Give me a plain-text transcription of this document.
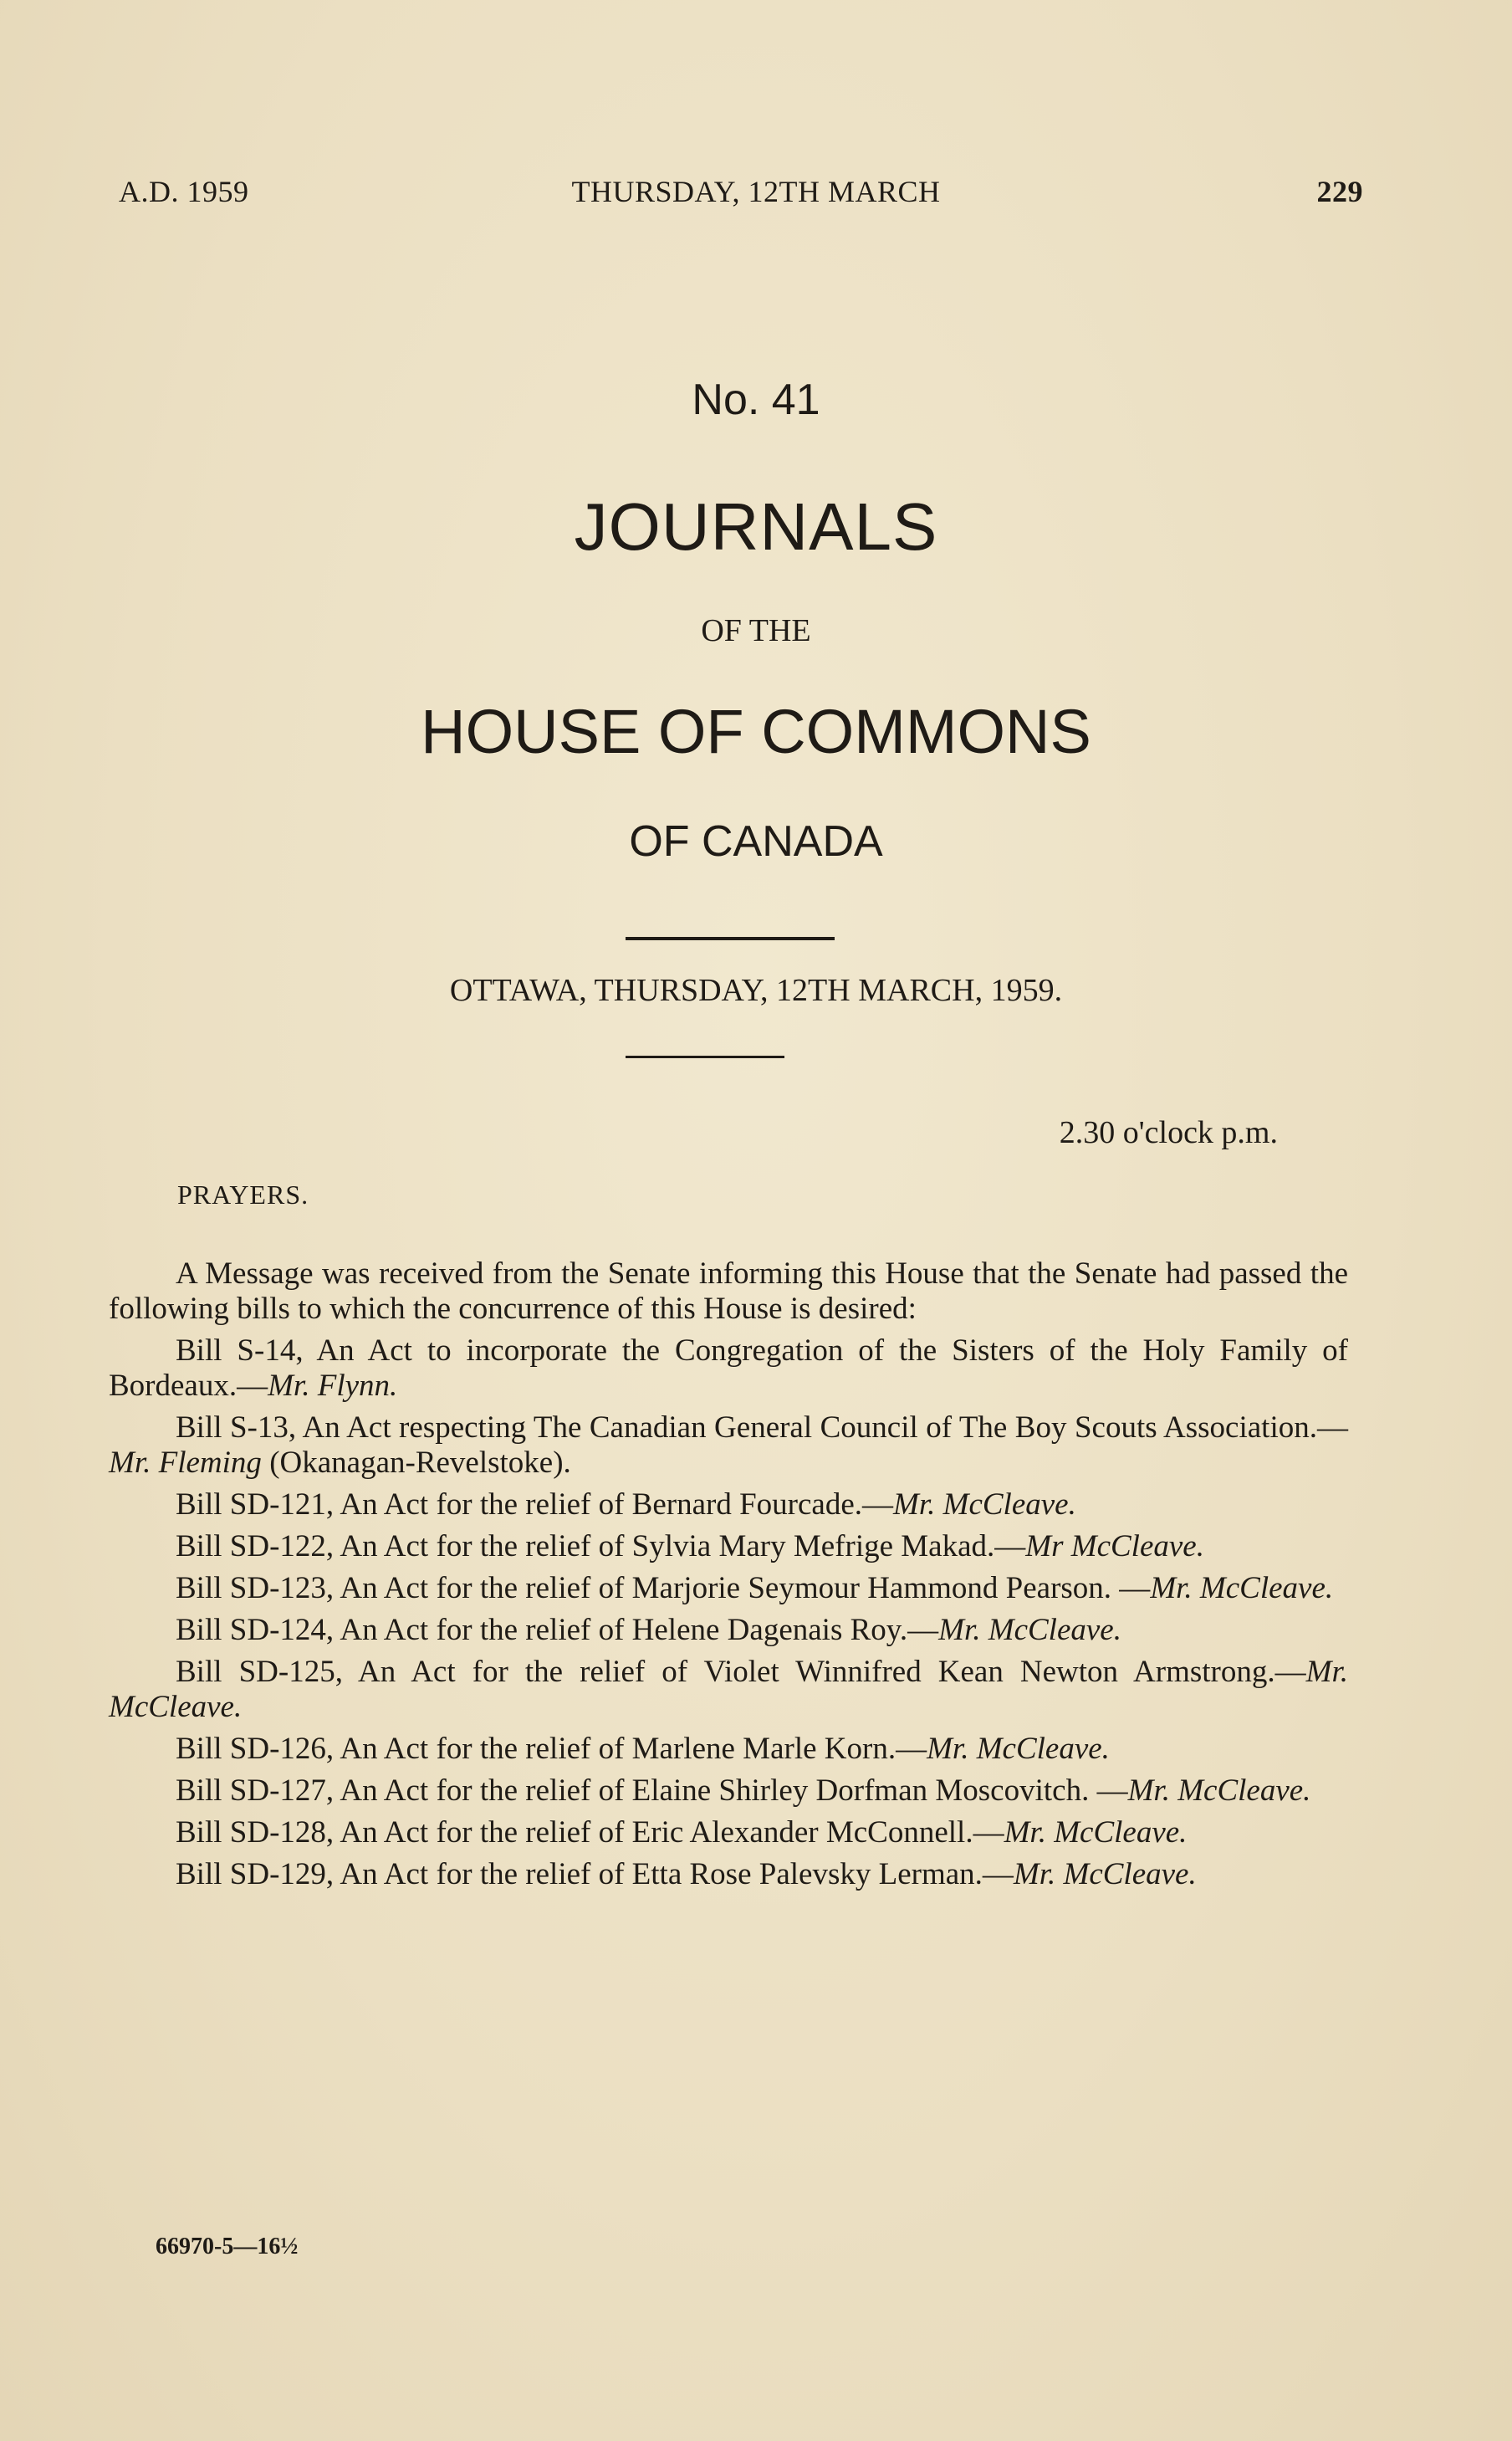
A.D. 1959	THURSDAY, 12TH MARCH	229
No. 41
JOURNALS
OF THE
HOUSE OF COMMONS
OF CANADA
OTTAWA, THURSDAY, 12TH MARCH, 1959.
2.30 o'clock p.m.
PRAYERS.

A Message was received from the Senate informing this House that the Senate had passed the following bills to which the concurrence of this House is desired:

Bill S-14, An Act to incorporate the Congregation of the Sisters of the Holy Family of Bordeaux.—Mr. Flynn.

Bill S-13, An Act respecting The Canadian General Council of The Boy Scouts Association.—Mr. Fleming (Okanagan-Revelstoke).

Bill SD-121, An Act for the relief of Bernard Fourcade.—Mr. McCleave.

Bill SD-122, An Act for the relief of Sylvia Mary Mefrige Makad.—Mr McCleave.

Bill SD-123, An Act for the relief of Marjorie Seymour Hammond Pearson. —Mr. McCleave.

Bill SD-124, An Act for the relief of Helene Dagenais Roy.—Mr. McCleave.

Bill SD-125, An Act for the relief of Violet Winnifred Kean Newton Armstrong.—Mr. McCleave.

Bill SD-126, An Act for the relief of Marlene Marle Korn.—Mr. McCleave.

Bill SD-127, An Act for the relief of Elaine Shirley Dorfman Moscovitch. —Mr. McCleave.

Bill SD-128, An Act for the relief of Eric Alexander McConnell.—Mr. McCleave.

Bill SD-129, An Act for the relief of Etta Rose Palevsky Lerman.—Mr. McCleave.

66970-5—16½
